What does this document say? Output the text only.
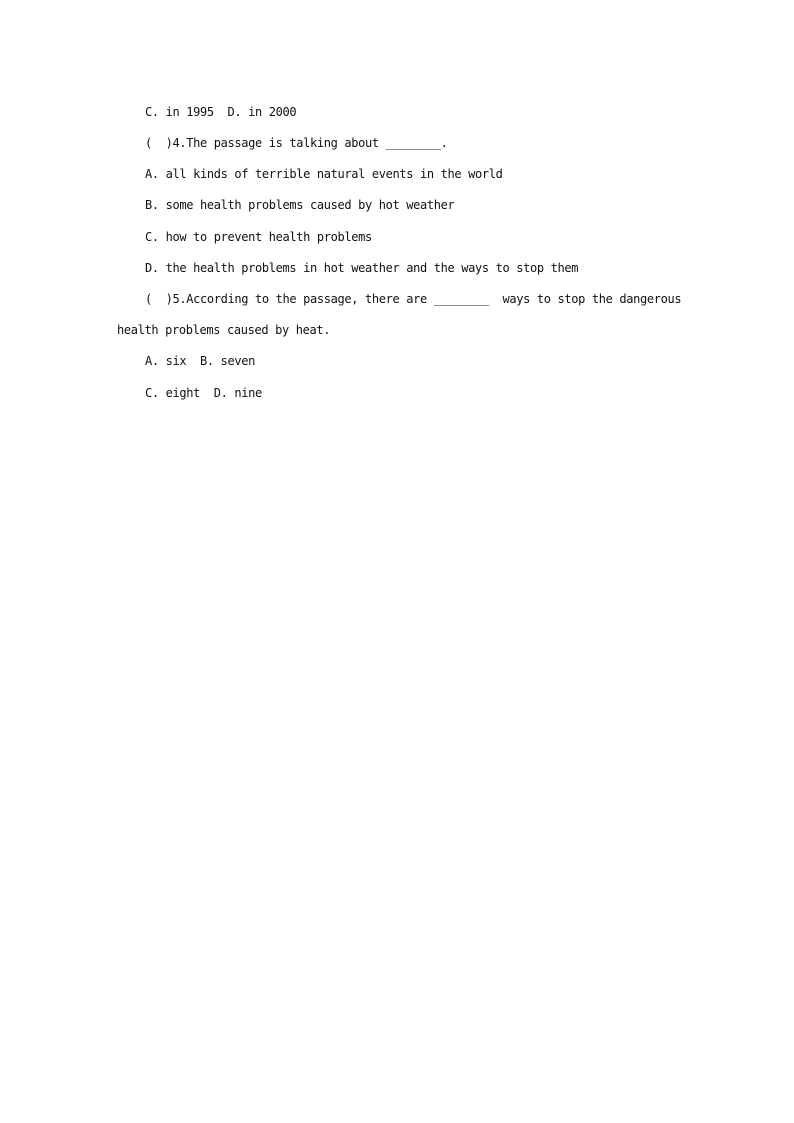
C. in 1995  D. in 2000
(  )4.The passage is talking about ________.
A. all kinds of terrible natural events in the world
B. some health problems caused by hot weather
C. how to prevent health problems
D. the health problems in hot weather and the ways to stop them
(  )5.According to the passage, there are ________  ways to stop the dangerous
health problems caused by heat.
A. six  B. seven
C. eight  D. nine
